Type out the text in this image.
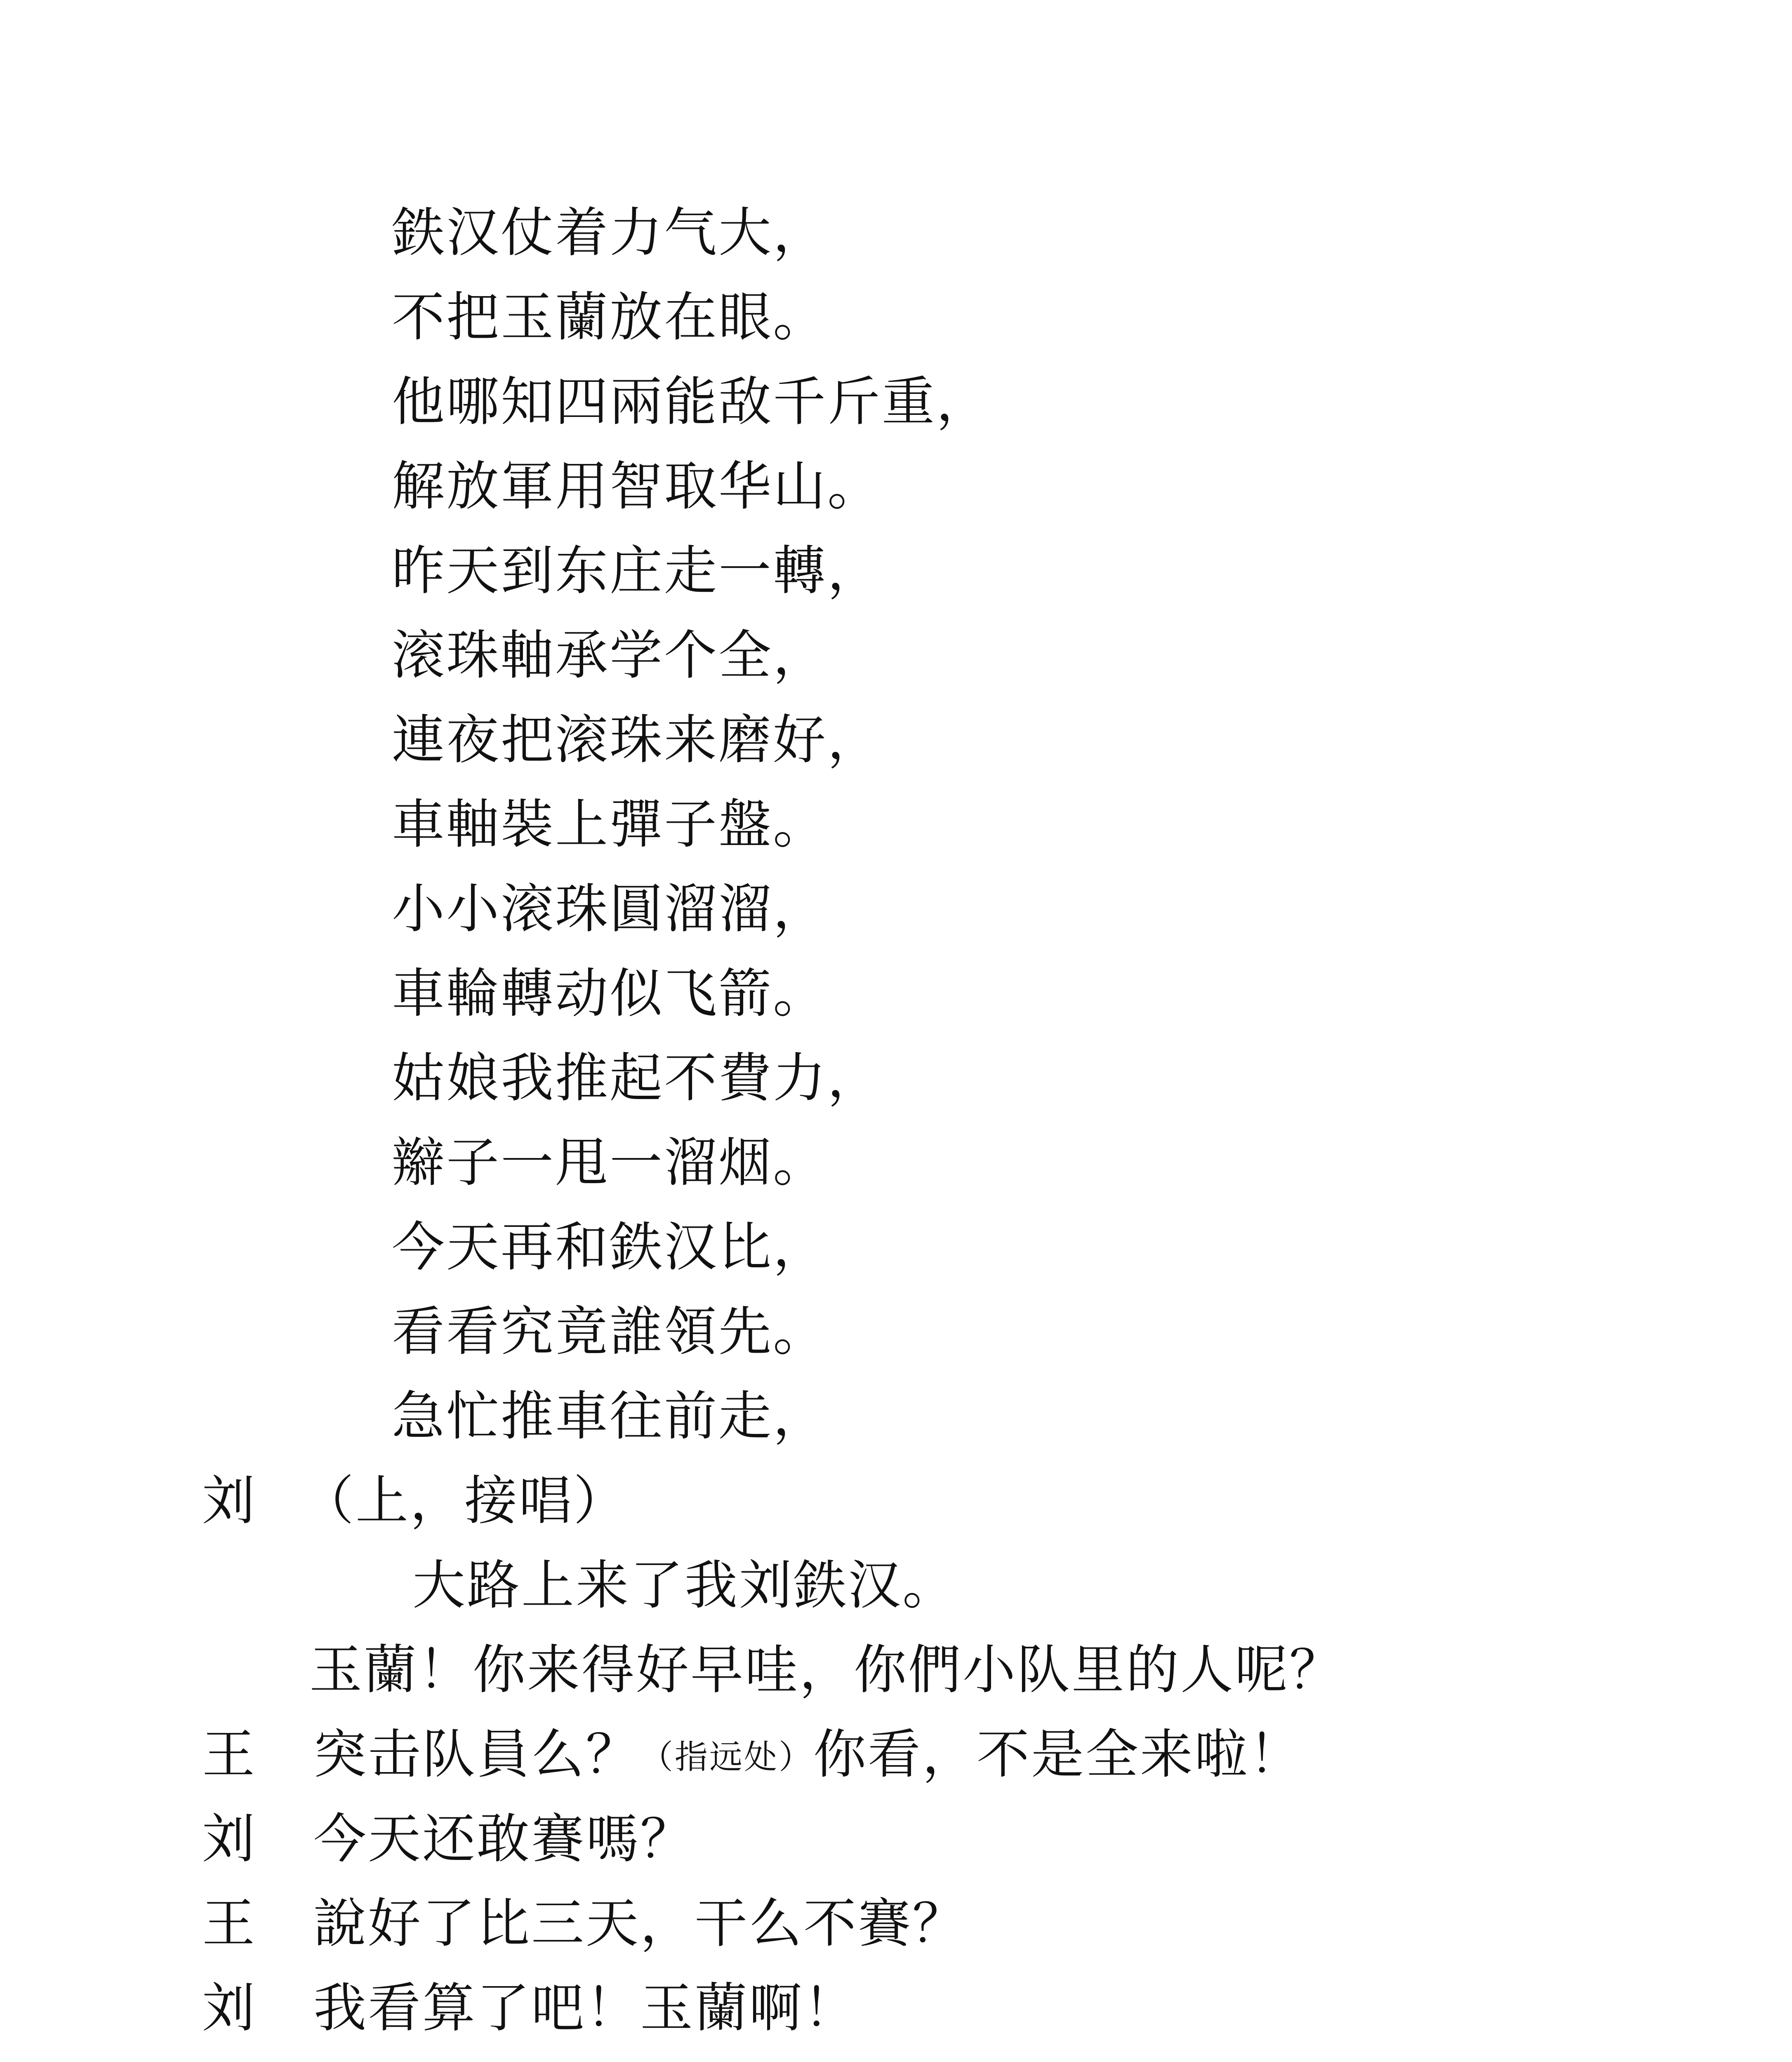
鉄汉仗着力气大，
不把玉蘭放在眼。
他哪知四兩能敌千斤重，
解放軍用智取华山。
昨天到东庄走一轉，
滚珠軸承学个全，
連夜把滚珠来磨好，
車軸裝上彈子盤。
小小滚珠圓溜溜，
車輪轉动似飞箭。
姑娘我推起不費力，
辮子一甩一溜烟。
今天再和鉄汉比，
看看究竟誰領先。
急忙推車往前走，
刘 （上，接唱）
大路上来了我刘鉄汉。
玉蘭！你来得好早哇，你們小队里的人呢？
王 突击队員么？（指远处）你看，不是全来啦！
刘 今天还敢賽嗎？
王 說好了比三天，干么不賽？
刘 我看算了吧！玉蘭啊！
